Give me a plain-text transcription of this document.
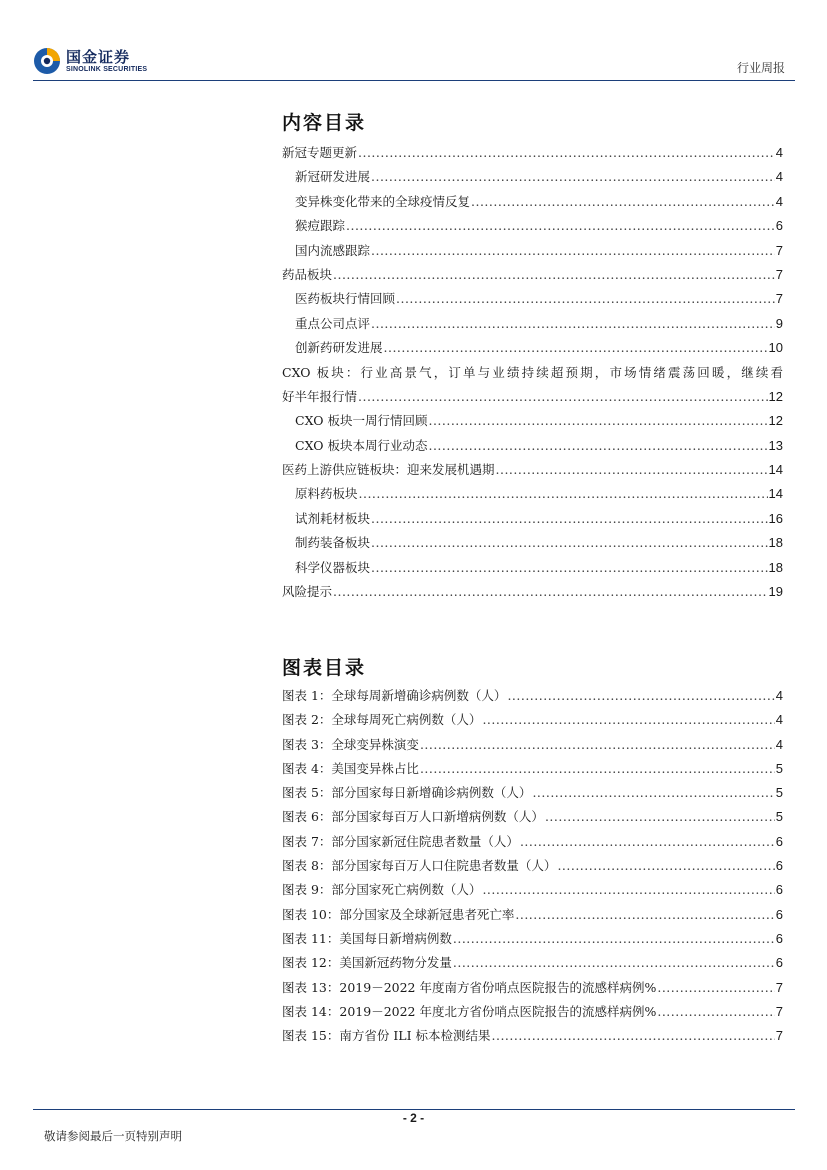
国金证券
SINOLINK SECURITIES	行业周报
内容目录
新冠专题更新 .....	4
新冠研发进展 .....	4
变异株变化带来的全球疫情反复 .....	4
猴痘跟踪 .....	6
国内流感跟踪 .....	7
药品板块 .....	7
医药板块行情回顾 .....	7
重点公司点评 .....	9
创新药研发进展 .....	10
CXO 板块：行业高景气，订单与业绩持续超预期，市场情绪震荡回暖，继续看
好半年报行情 .....	12
CXO 板块一周行情回顾 .....	12
CXO 板块本周行业动态 .....	13
医药上游供应链板块：迎来发展机遇期 .....	14
原料药板块 .....	14
试剂耗材板块 .....	16
制药装备板块 .....	18
科学仪器板块 .....	18
风险提示 .....	19
图表目录
图表 1：全球每周新增确诊病例数（人） .....	4
图表 2：全球每周死亡病例数（人） .....	4
图表 3：全球变异株演变 .....	4
图表 4：美国变异株占比 .....	5
图表 5：部分国家每日新增确诊病例数（人） .....	5
图表 6：部分国家每百万人口新增病例数（人） .....	5
图表 7：部分国家新冠住院患者数量（人） .....	6
图表 8：部分国家每百万人口住院患者数量（人） .....	6
图表 9：部分国家死亡病例数（人） .....	6
图表 10：部分国家及全球新冠患者死亡率 .....	6
图表 11：美国每日新增病例数 .....	6
图表 12：美国新冠药物分发量 .....	6
图表 13：2019－2022 年度南方省份哨点医院报告的流感样病例% .....	7
图表 14：2019－2022 年度北方省份哨点医院报告的流感样病例% .....	7
图表 15：南方省份 ILI 标本检测结果 .....	7
- 2 -
敬请参阅最后一页特别声明
